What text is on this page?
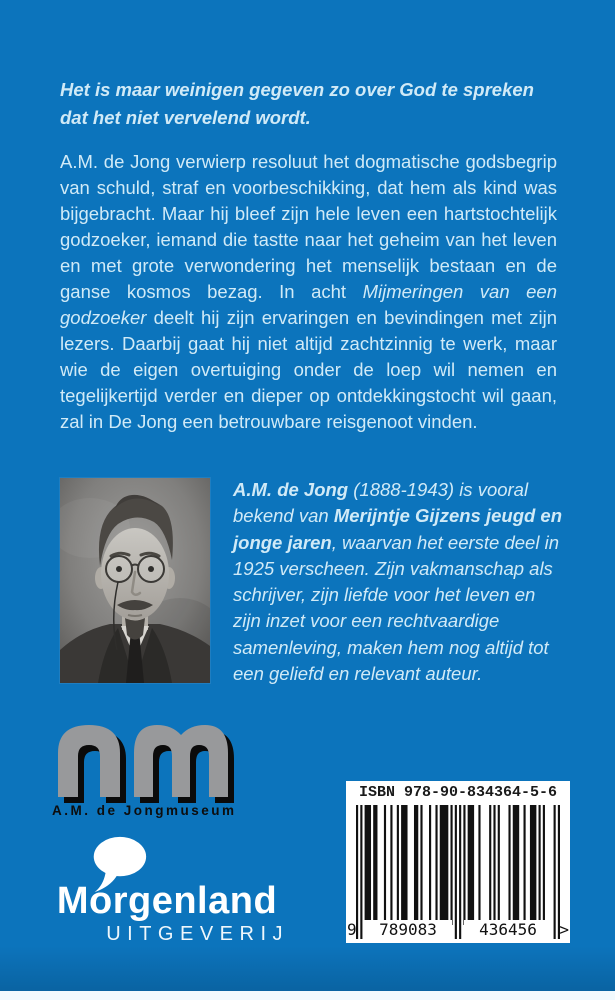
Het is maar weinigen gegeven zo over God te spreken dat het niet vervelend wordt.

A.M. de Jong verwierp resoluut het dogmatische godsbegrip van schuld, straf en voorbeschikking, dat hem als kind was bijgebracht. Maar hij bleef zijn hele leven een hartstochtelijk godzoeker, iemand die tastte naar het geheim van het leven en met grote verwondering het menselijk bestaan en de ganse kosmos bezag. In acht Mijmeringen van een godzoeker deelt hij zijn ervaringen en bevindingen met zijn lezers. Daarbij gaat hij niet altijd zachtzinnig te werk, maar wie de eigen overtuiging onder de loep wil nemen en tegelijkertijd verder en dieper op ontdekkingstocht wil gaan, zal in De Jong een betrouwbare reisgenoot vinden.

A.M. de Jong (1888-1943) is vooral bekend van Merijntje Gijzens jeugd en jonge jaren, waarvan het eerste deel in 1925 verscheen. Zijn vakmanschap als schrijver, zijn liefde voor het leven en zijn inzet voor een rechtvaardige samenleving, maken hem nog altijd tot een geliefd en relevant auteur.

A.M. de Jongmuseum
ISBN 978-90-834364-5-6
9	789083	436456	>
Morgenland
UITGEVERIJ
